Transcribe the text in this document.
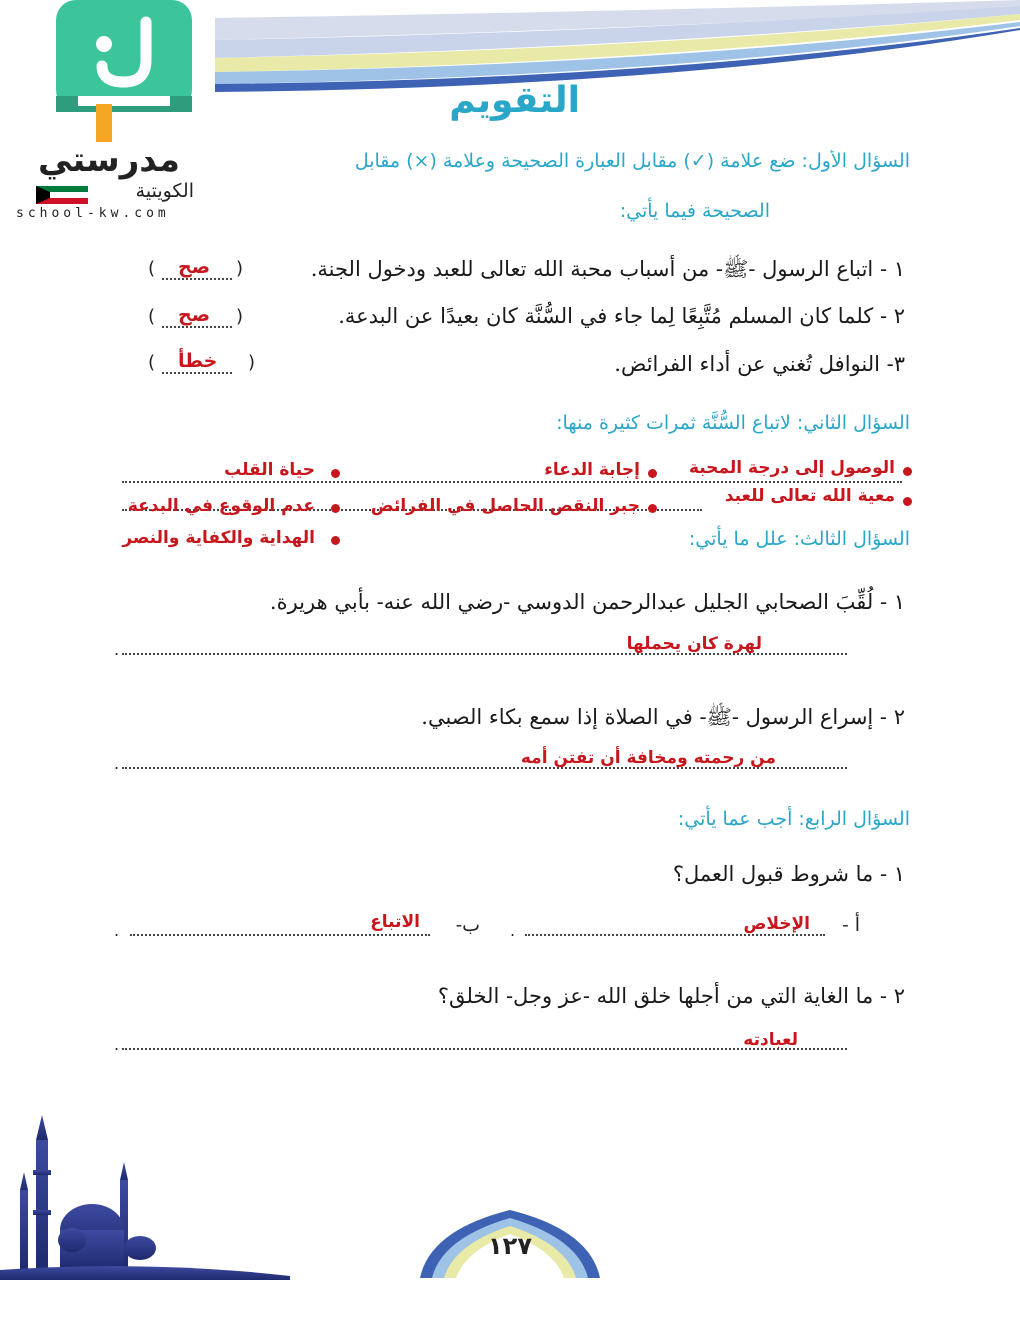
مدرستي
الكويتية
school-kw.com
التقويم
السؤال الأول: ضع علامة (✓) مقابل العبارة الصحيحة وعلامة (×) مقابل
الصحيحة فيما يأتي:
١ - اتباع الرسول -ﷺ- من أسباب محبة الله تعالى للعبد ودخول الجنة.
( صح )
٢ - كلما كان المسلم مُتَّبِعًا لِما جاء في السُّنَّة كان بعيدًا عن البدعة.
( صح )
٣- النوافل تُغني عن أداء الفرائض.
( خطأ )
السؤال الثاني: لاتباع السُّنَّة ثمرات كثيرة منها:
الوصول إلى درجة المحبة
إجابة الدعاء
حياة القلب
معية الله تعالى للعبد
جبر النقص الحاصل في الفرائض
عدم الوقوع في البدعة
الهداية والكفاية والنصر	السؤال الثالث: علل ما يأتي:
١ - لُقِّبَ الصحابي الجليل عبدالرحمن الدوسي -رضي الله عنه- بأبي هريرة.
لهرة كان يحملها
.
٢ - إسراع الرسول -ﷺ- في الصلاة إذا سمع بكاء الصبي.
من رحمته ومخافة أن تفتن أمه
.
السؤال الرابع: أجب عما يأتي:
١ - ما شروط قبول العمل؟
أ -
الإخلاص
.
ب-
الاتباع
.
٢ - ما الغاية التي من أجلها خلق الله -عز وجل- الخلق؟
لعبادته
.
١٢٧
